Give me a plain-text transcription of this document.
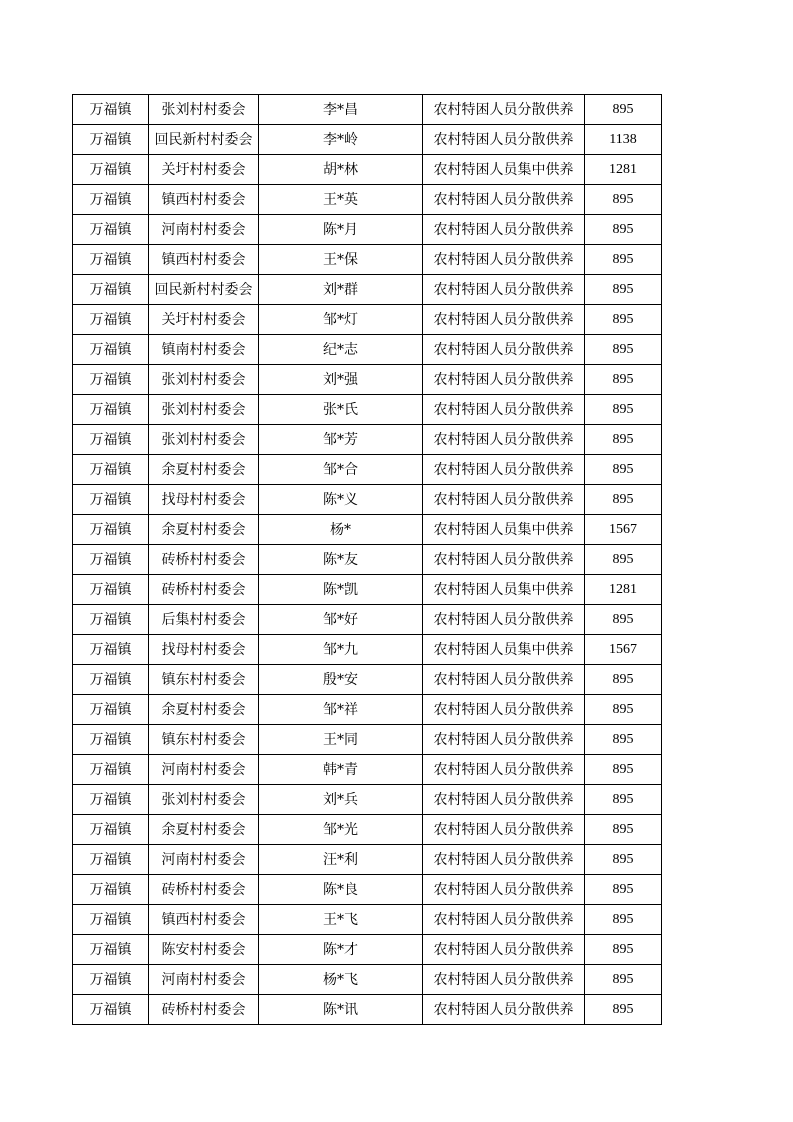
万福镇	张刘村村委会	李*昌	农村特困人员分散供养	895
万福镇	回民新村村委会	李*岭	农村特困人员分散供养	1138
万福镇	关圩村村委会	胡*林	农村特困人员集中供养	1281
万福镇	镇西村村委会	王*英	农村特困人员分散供养	895
万福镇	河南村村委会	陈*月	农村特困人员分散供养	895
万福镇	镇西村村委会	王*保	农村特困人员分散供养	895
万福镇	回民新村村委会	刘*群	农村特困人员分散供养	895
万福镇	关圩村村委会	邹*灯	农村特困人员分散供养	895
万福镇	镇南村村委会	纪*志	农村特困人员分散供养	895
万福镇	张刘村村委会	刘*强	农村特困人员分散供养	895
万福镇	张刘村村委会	张*氏	农村特困人员分散供养	895
万福镇	张刘村村委会	邹*芳	农村特困人员分散供养	895
万福镇	余夏村村委会	邹*合	农村特困人员分散供养	895
万福镇	找母村村委会	陈*义	农村特困人员分散供养	895
万福镇	余夏村村委会	杨*	农村特困人员集中供养	1567
万福镇	砖桥村村委会	陈*友	农村特困人员分散供养	895
万福镇	砖桥村村委会	陈*凯	农村特困人员集中供养	1281
万福镇	后集村村委会	邹*好	农村特困人员分散供养	895
万福镇	找母村村委会	邹*九	农村特困人员集中供养	1567
万福镇	镇东村村委会	殷*安	农村特困人员分散供养	895
万福镇	余夏村村委会	邹*祥	农村特困人员分散供养	895
万福镇	镇东村村委会	王*同	农村特困人员分散供养	895
万福镇	河南村村委会	韩*青	农村特困人员分散供养	895
万福镇	张刘村村委会	刘*兵	农村特困人员分散供养	895
万福镇	余夏村村委会	邹*光	农村特困人员分散供养	895
万福镇	河南村村委会	汪*利	农村特困人员分散供养	895
万福镇	砖桥村村委会	陈*良	农村特困人员分散供养	895
万福镇	镇西村村委会	王*飞	农村特困人员分散供养	895
万福镇	陈安村村委会	陈*才	农村特困人员分散供养	895
万福镇	河南村村委会	杨*飞	农村特困人员分散供养	895
万福镇	砖桥村村委会	陈*讯	农村特困人员分散供养	895
